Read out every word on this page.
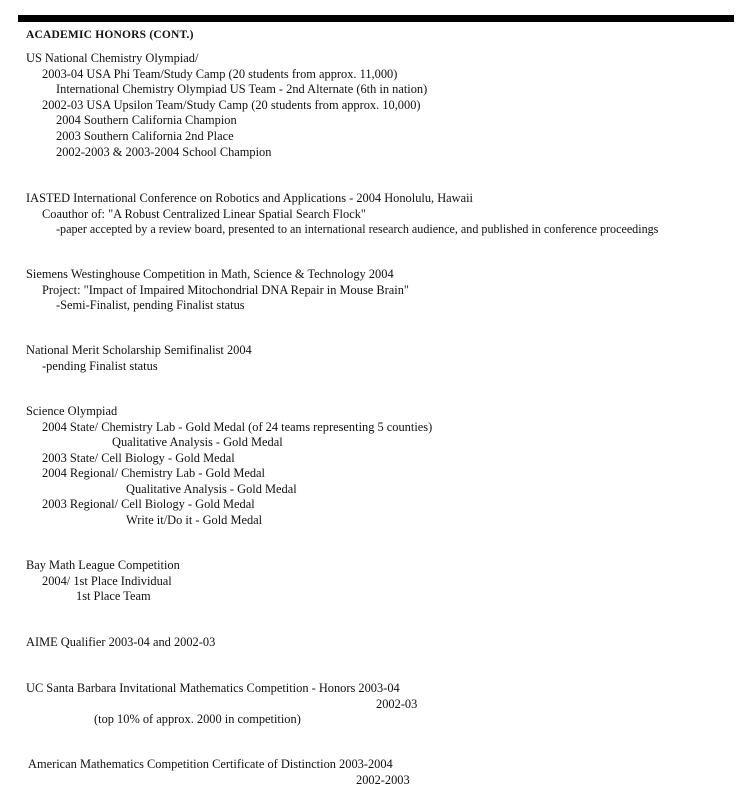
ACADEMIC HONORS (CONT.)
US National Chemistry Olympiad/
2003-04 USA Phi Team/Study Camp (20 students from approx. 11,000)
International Chemistry Olympiad US Team - 2nd Alternate (6th in nation)
2002-03 USA Upsilon Team/Study Camp (20 students from approx. 10,000)
2004 Southern California Champion
2003 Southern California 2nd Place
2002-2003 & 2003-2004 School Champion
IASTED International Conference on Robotics and Applications - 2004 Honolulu, Hawaii
Coauthor of: "A Robust Centralized Linear Spatial Search Flock"
-paper accepted by a review board, presented to an international research audience, and published in conference proceedings
Siemens Westinghouse Competition in Math, Science & Technology 2004
Project: "Impact of Impaired Mitochondrial DNA Repair in Mouse Brain"
-Semi-Finalist, pending Finalist status
National Merit Scholarship Semifinalist 2004
-pending Finalist status
Science Olympiad
2004 State/ Chemistry Lab - Gold Medal (of 24 teams representing 5 counties)
Qualitative Analysis - Gold Medal
2003 State/ Cell Biology - Gold Medal
2004 Regional/ Chemistry Lab - Gold Medal
Qualitative Analysis - Gold Medal
2003 Regional/ Cell Biology - Gold Medal
Write it/Do it - Gold Medal
Bay Math League Competition
2004/ 1st Place Individual
1st Place Team
AIME Qualifier 2003-04 and 2002-03
UC Santa Barbara Invitational Mathematics Competition - Honors 2003-04
2002-03
(top 10% of approx. 2000 in competition)
American Mathematics Competition Certificate of Distinction 2003-2004
2002-2003
